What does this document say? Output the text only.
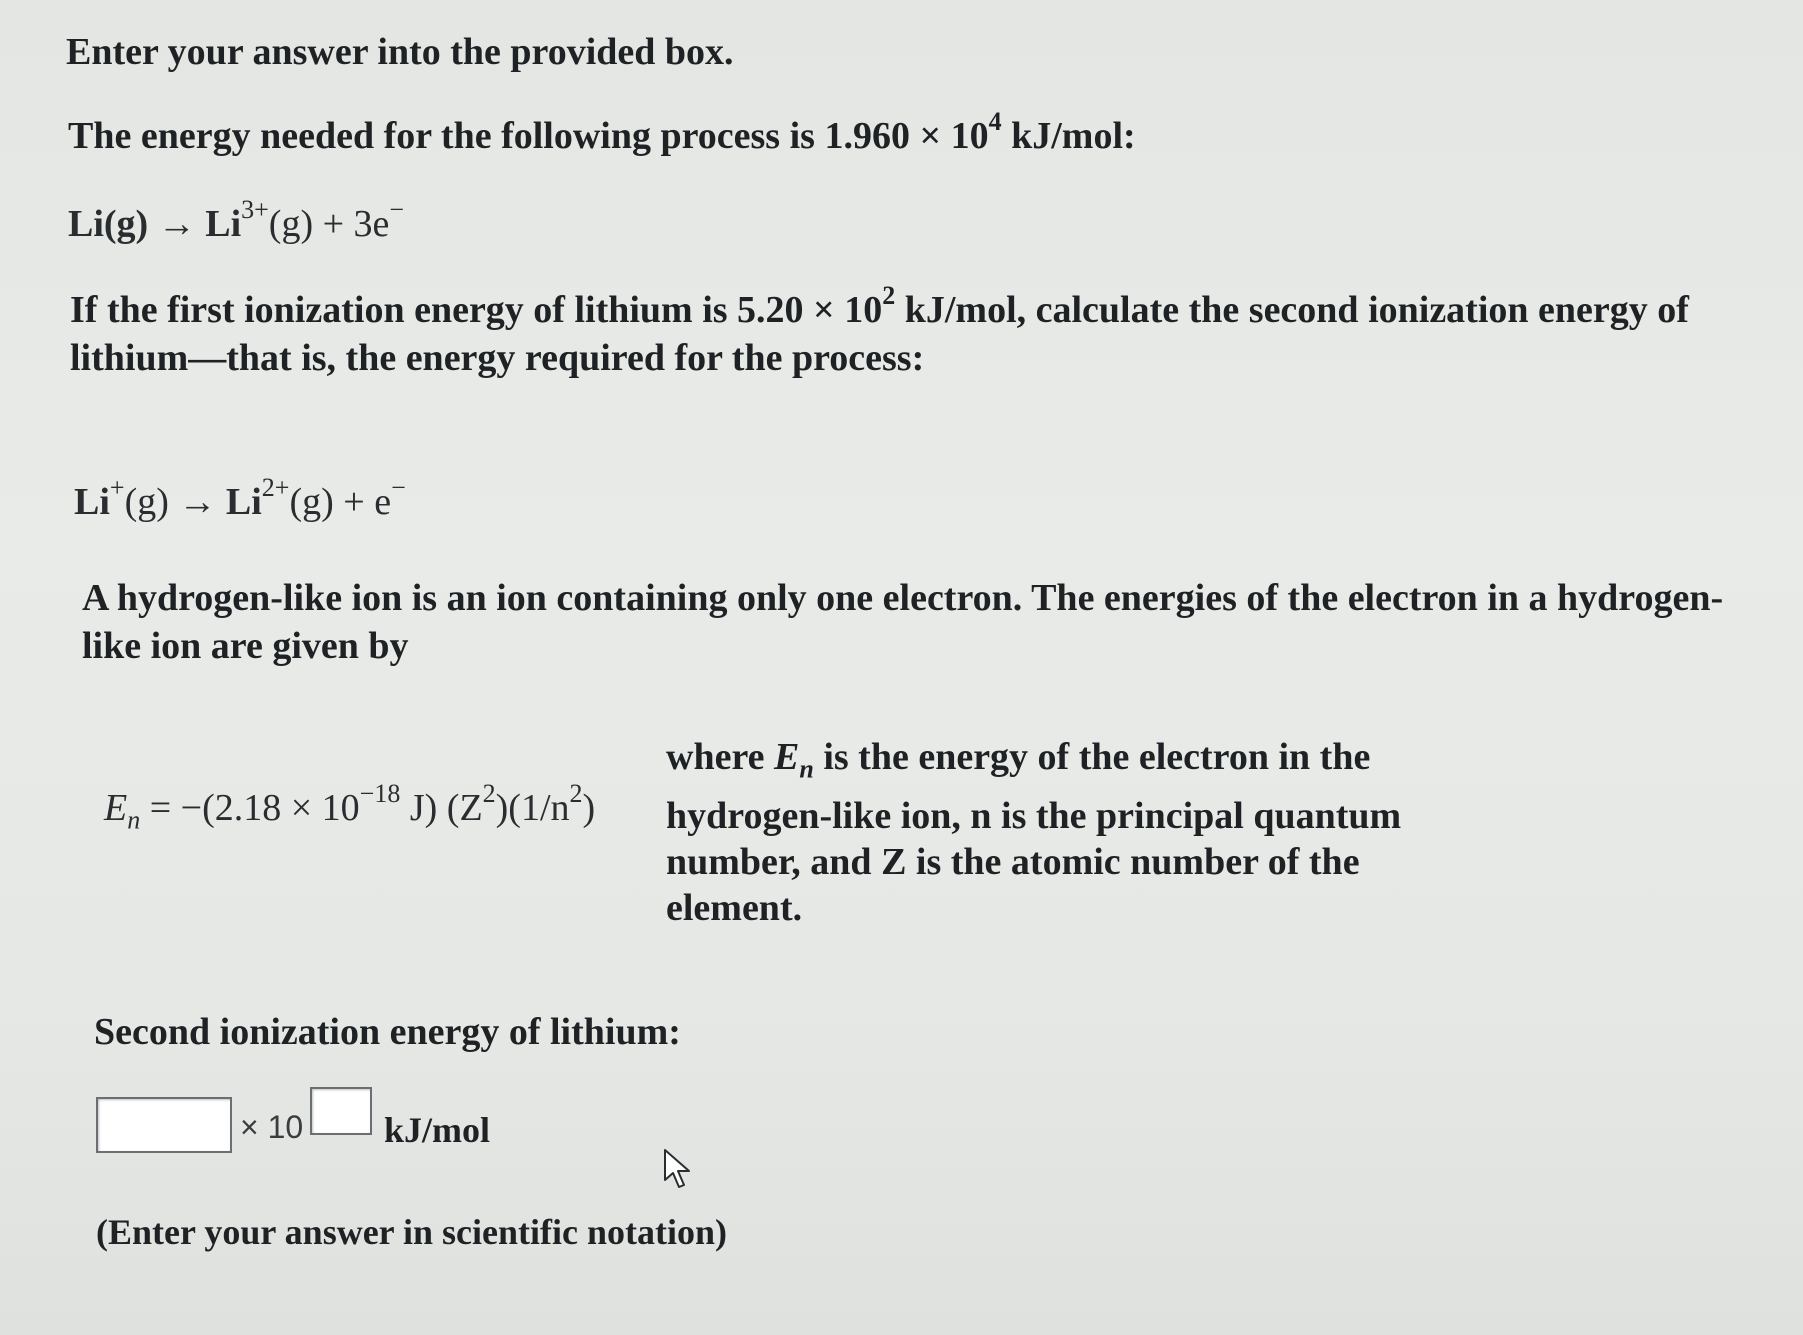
Enter your answer into the provided box.
The energy needed for the following process is $1.960 \times 10^4$ kJ/mol:
$Li(g) \to Li^{3+}(g) + 3e^-$
If the first ionization energy of lithium is $5.20 \times 10^2$ kJ/mol, calculate the second ionization energy of lithium—that is, the energy required for the process:
$Li^+(g) \to Li^{2+}(g) + e^-$
A hydrogen-like ion is an ion containing only one electron. The energies of the electron in a hydrogen-like ion are given by
$E_n = -(2.18 \times 10^{-18}$ J) $(Z^2)(1/n^2)$
where $E_n$ is the energy of the electron in the
hydrogen-like ion, n is the principal quantum
number, and Z is the atomic number of the
element.
Second ionization energy of lithium:
× 10 kJ/mol
(Enter your answer in scientific notation)
